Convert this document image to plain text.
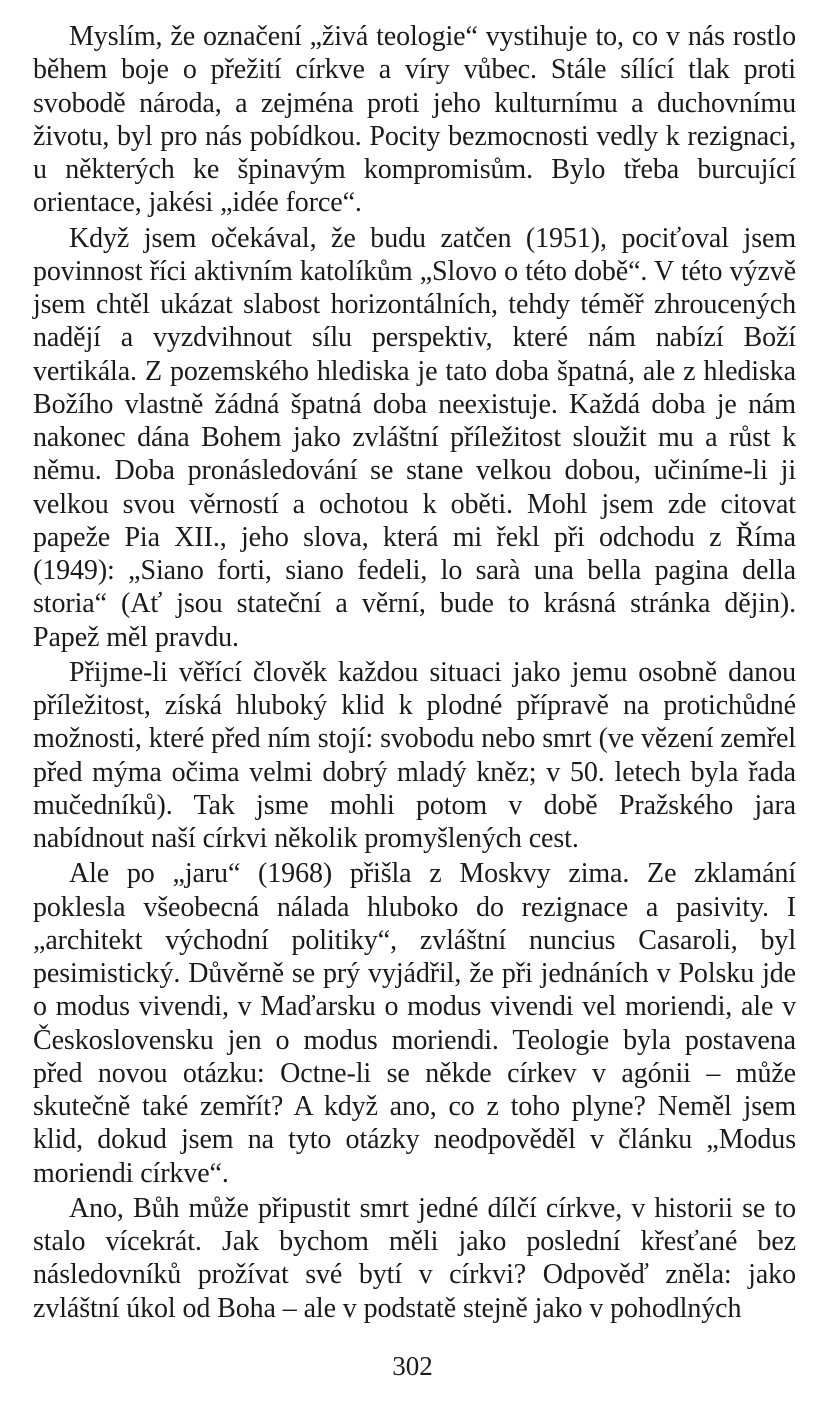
Myslím, že označení „živá teologie“ vystihuje to, co v nás rostlo během boje o přežití církve a víry vůbec. Stále sílící tlak proti svobodě národa, a zejména proti jeho kulturnímu a duchovnímu životu, byl pro nás pobídkou. Pocity bezmocnosti vedly k rezignaci, u některých ke špinavým kompromisům. Bylo třeba burcující orientace, jakési „idée force“.

Když jsem očekával, že budu zatčen (1951), pociťoval jsem povinnost říci aktivním katolíkům „Slovo o této době“. V této výzvě jsem chtěl ukázat slabost horizontálních, tehdy téměř zhroucených nadějí a vyzdvihnout sílu perspektiv, které nám nabízí Boží vertikála. Z pozemského hlediska je tato doba špatná, ale z hlediska Božího vlastně žádná špatná doba neexistuje. Každá doba je nám nakonec dána Bohem jako zvláštní příležitost sloužit mu a růst k němu. Doba pronásledování se stane velkou dobou, učiníme-li ji velkou svou věrností a ochotou k oběti. Mohl jsem zde citovat papeže Pia XII., jeho slova, která mi řekl při odchodu z Říma (1949): „Siano forti, siano fedeli, lo sarà una bella pagina della storia“ (Ať jsou stateční a věrní, bude to krásná stránka dějin). Papež měl pravdu.

Přijme-li věřící člověk každou situaci jako jemu osobně danou příležitost, získá hluboký klid k plodné přípravě na protichůdné možnosti, které před ním stojí: svobodu nebo smrt (ve vězení zemřel před mýma očima velmi dobrý mladý kněz; v 50. letech byla řada mučedníků). Tak jsme mohli potom v době Pražského jara nabídnout naší církvi několik promyšlených cest.

Ale po „jaru“ (1968) přišla z Moskvy zima. Ze zklamání poklesla všeobecná nálada hluboko do rezignace a pasivity. I „architekt východní politiky“, zvláštní nuncius Casaroli, byl pesimistický. Důvěrně se prý vyjádřil, že při jednáních v Polsku jde o modus vivendi, v Maďarsku o modus vivendi vel moriendi, ale v Československu jen o modus moriendi. Teologie byla postavena před novou otázku: Octne-li se někde církev v agónii – může skutečně také zemřít? A když ano, co z toho plyne? Neměl jsem klid, dokud jsem na tyto otázky neodpověděl v článku „Modus moriendi církve“.

Ano, Bůh může připustit smrt jedné dílčí církve, v historii se to stalo vícekrát. Jak bychom měli jako poslední křesťané bez následovníků prožívat své bytí v církvi? Odpověď zněla: jako zvláštní úkol od Boha – ale v podstatě stejně jako v pohodlných

302
